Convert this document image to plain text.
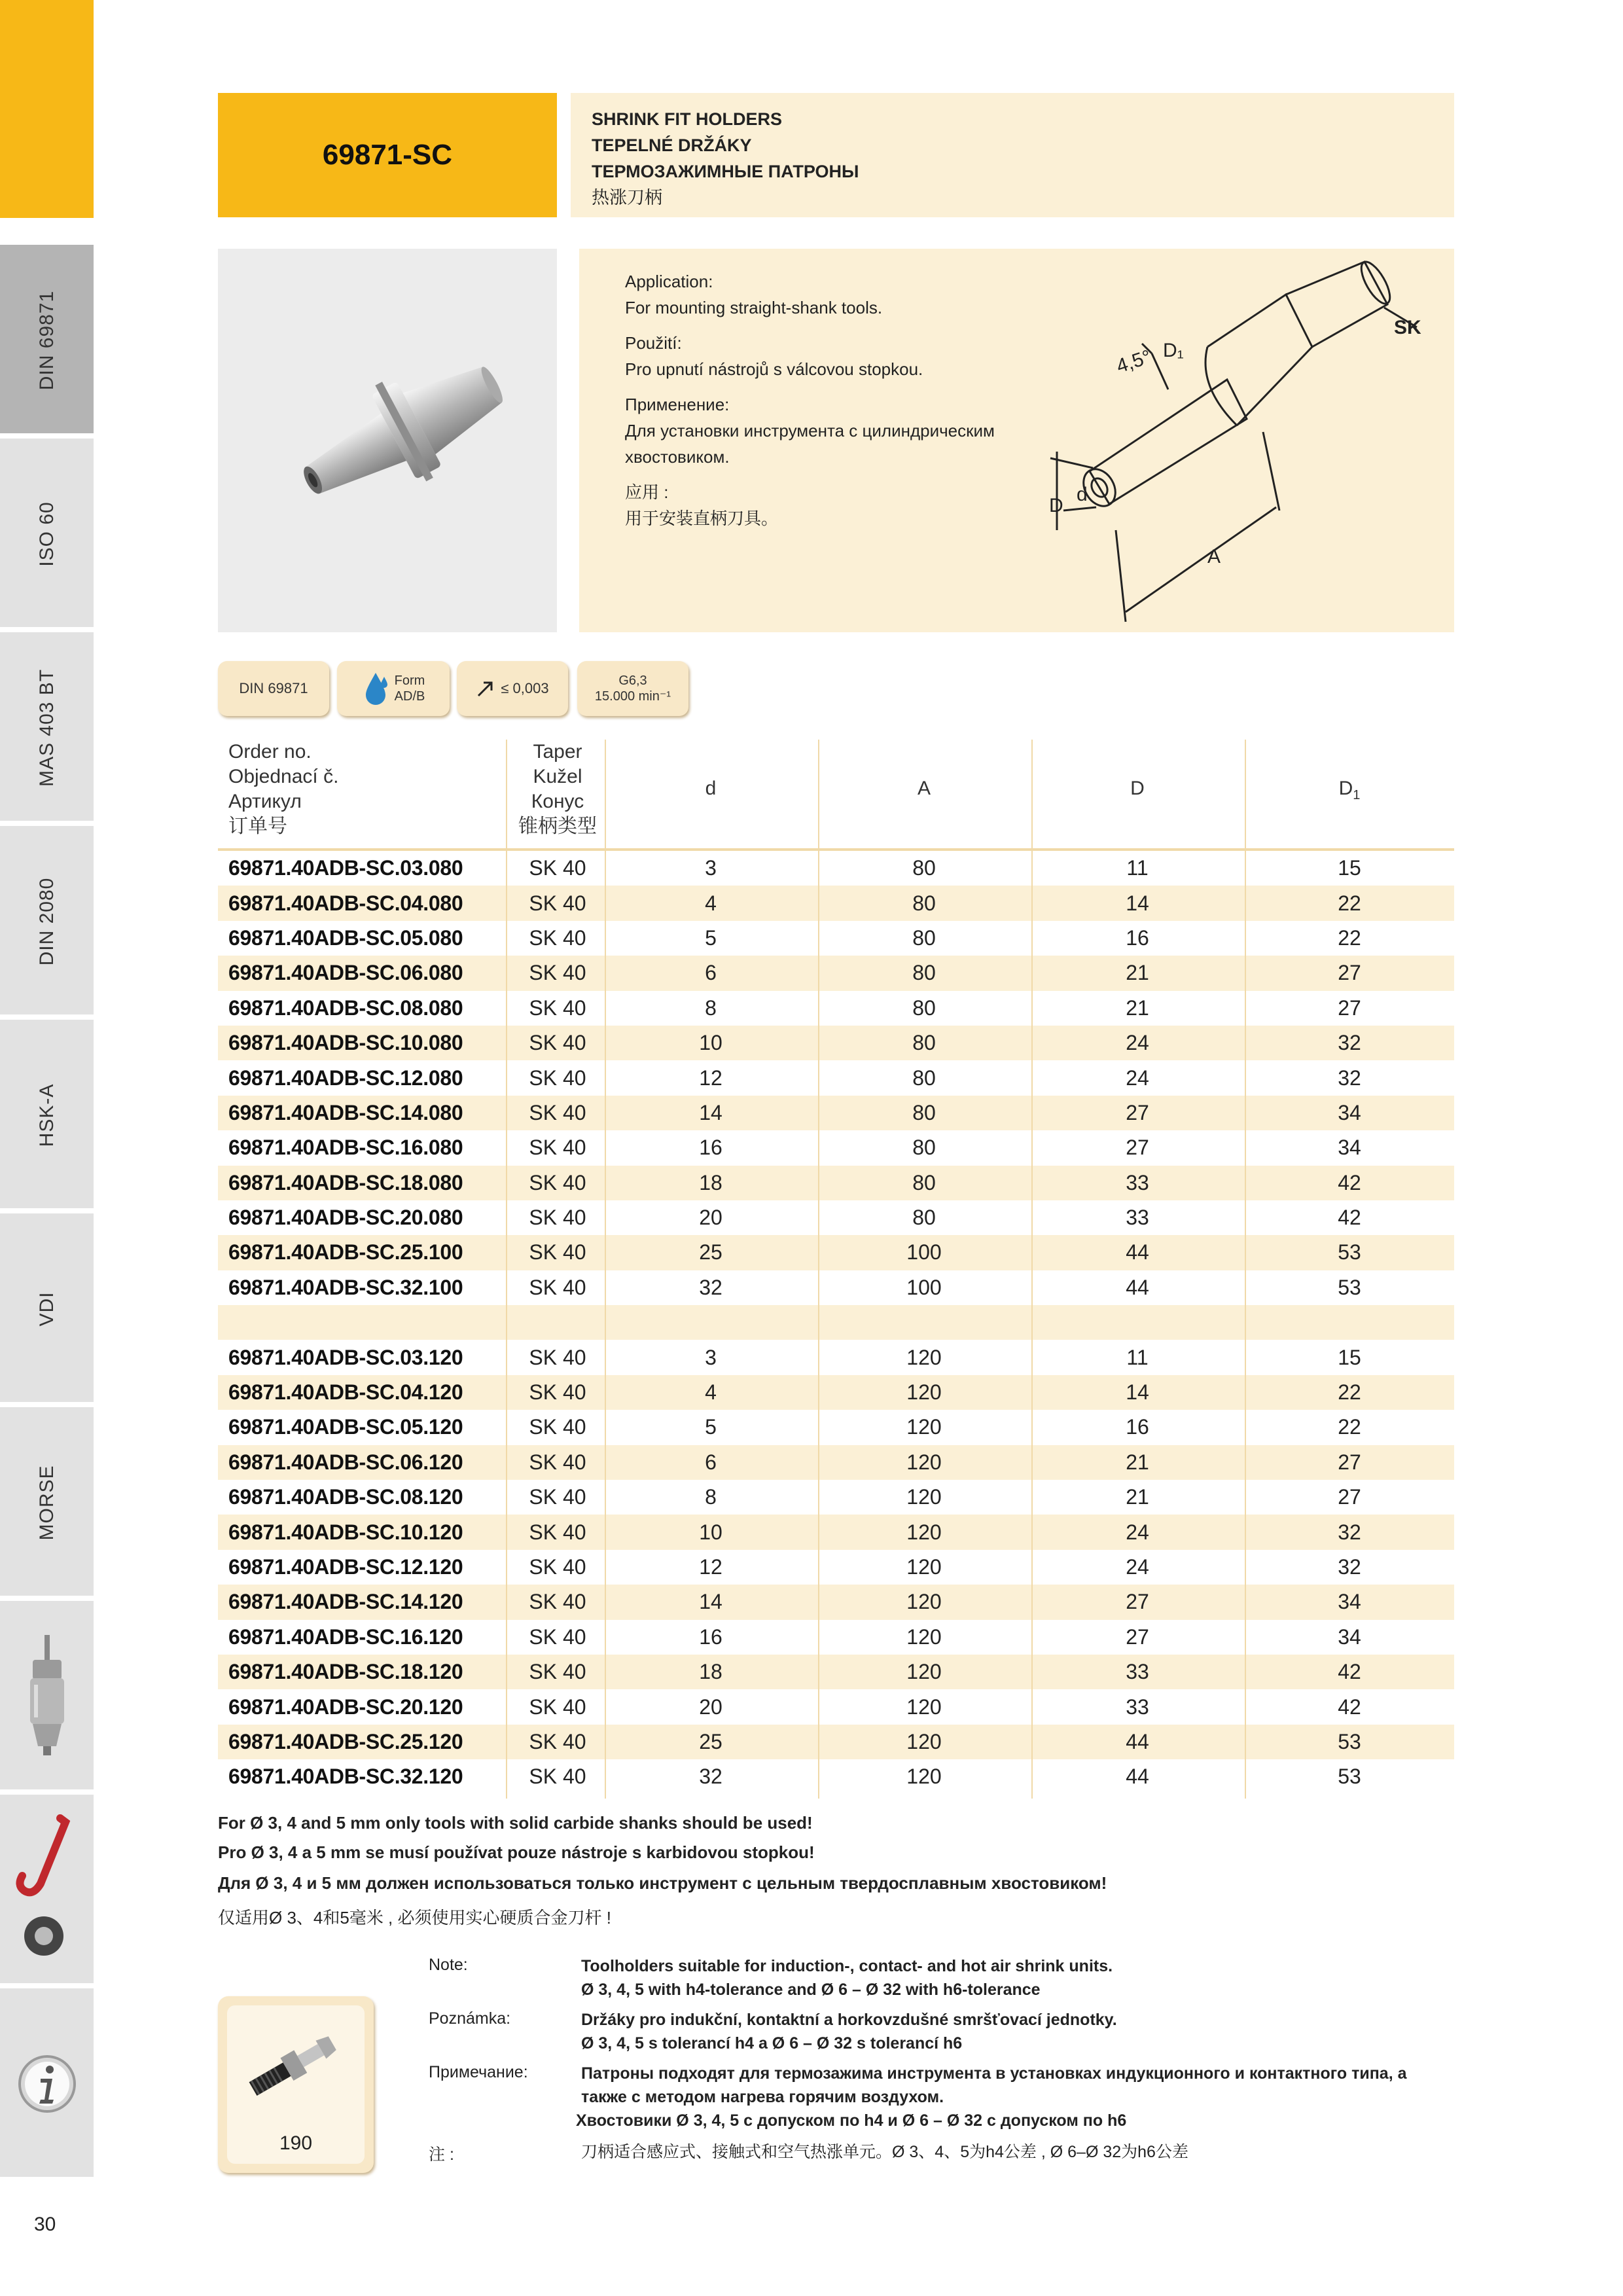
DIN 69871
ISO 60
MAS 403 BT
DIN 2080
HSK-A
VDI
MORSE
30
69871-SC
SHRINK FIT HOLDERS
TEPELNÉ DRŽÁKY
ТЕРМОЗАЖИМНЫЕ ПАТРОНЫ
热涨刀柄
Application:
For mounting straight-shank tools.
Použití:
Pro upnutí nástrojů s válcovou stopkou.
Применение:
Для установки инструмента с цилиндрическим хвостовиком.
应用 :
用于安装直柄刀具。
4,5° D₁
SK
d
D
A
DIN 69871	Form
AD/B	≤ 0,003	G6,3
15.000 min⁻¹
Order no.
Objednací č.
Артикул
订单号
Taper
Kužel
Конус
锥柄类型
d	A	D	$D_1$
69871.40ADB-SC.03.080	SK 40	3	80	11	15
69871.40ADB-SC.04.080	SK 40	4	80	14	22
69871.40ADB-SC.05.080	SK 40	5	80	16	22
69871.40ADB-SC.06.080	SK 40	6	80	21	27
69871.40ADB-SC.08.080	SK 40	8	80	21	27
69871.40ADB-SC.10.080	SK 40	10	80	24	32
69871.40ADB-SC.12.080	SK 40	12	80	24	32
69871.40ADB-SC.14.080	SK 40	14	80	27	34
69871.40ADB-SC.16.080	SK 40	16	80	27	34
69871.40ADB-SC.18.080	SK 40	18	80	33	42
69871.40ADB-SC.20.080	SK 40	20	80	33	42
69871.40ADB-SC.25.100	SK 40	25	100	44	53
69871.40ADB-SC.32.100	SK 40	32	100	44	53
69871.40ADB-SC.03.120	SK 40	3	120	11	15
69871.40ADB-SC.04.120	SK 40	4	120	14	22
69871.40ADB-SC.05.120	SK 40	5	120	16	22
69871.40ADB-SC.06.120	SK 40	6	120	21	27
69871.40ADB-SC.08.120	SK 40	8	120	21	27
69871.40ADB-SC.10.120	SK 40	10	120	24	32
69871.40ADB-SC.12.120	SK 40	12	120	24	32
69871.40ADB-SC.14.120	SK 40	14	120	27	34
69871.40ADB-SC.16.120	SK 40	16	120	27	34
69871.40ADB-SC.18.120	SK 40	18	120	33	42
69871.40ADB-SC.20.120	SK 40	20	120	33	42
69871.40ADB-SC.25.120	SK 40	25	120	44	53
69871.40ADB-SC.32.120	SK 40	32	120	44	53
For Ø 3, 4 and 5 mm only tools with solid carbide shanks should be used!
Pro Ø 3, 4 a 5 mm se musí používat pouze nástroje s karbidovou stopkou!
Для Ø 3, 4 и 5 мм должен использоваться только инструмент с цельным твердосплавным хвостовиком!
仅适用Ø 3、4和5毫米 , 必须使用实心硬质合金刀杆 !
Note:	Toolholders suitable for induction-, contact- and hot air shrink units.
Ø 3, 4, 5 with h4-tolerance and Ø 6 – Ø 32 with h6-tolerance
Poznámka:	Držáky pro indukční, kontaktní a horkovzdušné smršťovací jednotky.
Ø 3, 4, 5 s tolerancí h4 a Ø 6 – Ø 32 s tolerancí h6
Примечание:	Патроны подходят для термозажима инструмента в установках индукционного и контактного типа, а
также с методом нагрева горячим воздухом.
Хвостовики Ø 3, 4, 5 с допуском по h4 и Ø 6 – Ø 32 с допуском по h6
注 :	刀柄适合感应式、接触式和空气热涨单元。Ø 3、4、5为h4公差 , Ø 6–Ø 32为h6公差
190
